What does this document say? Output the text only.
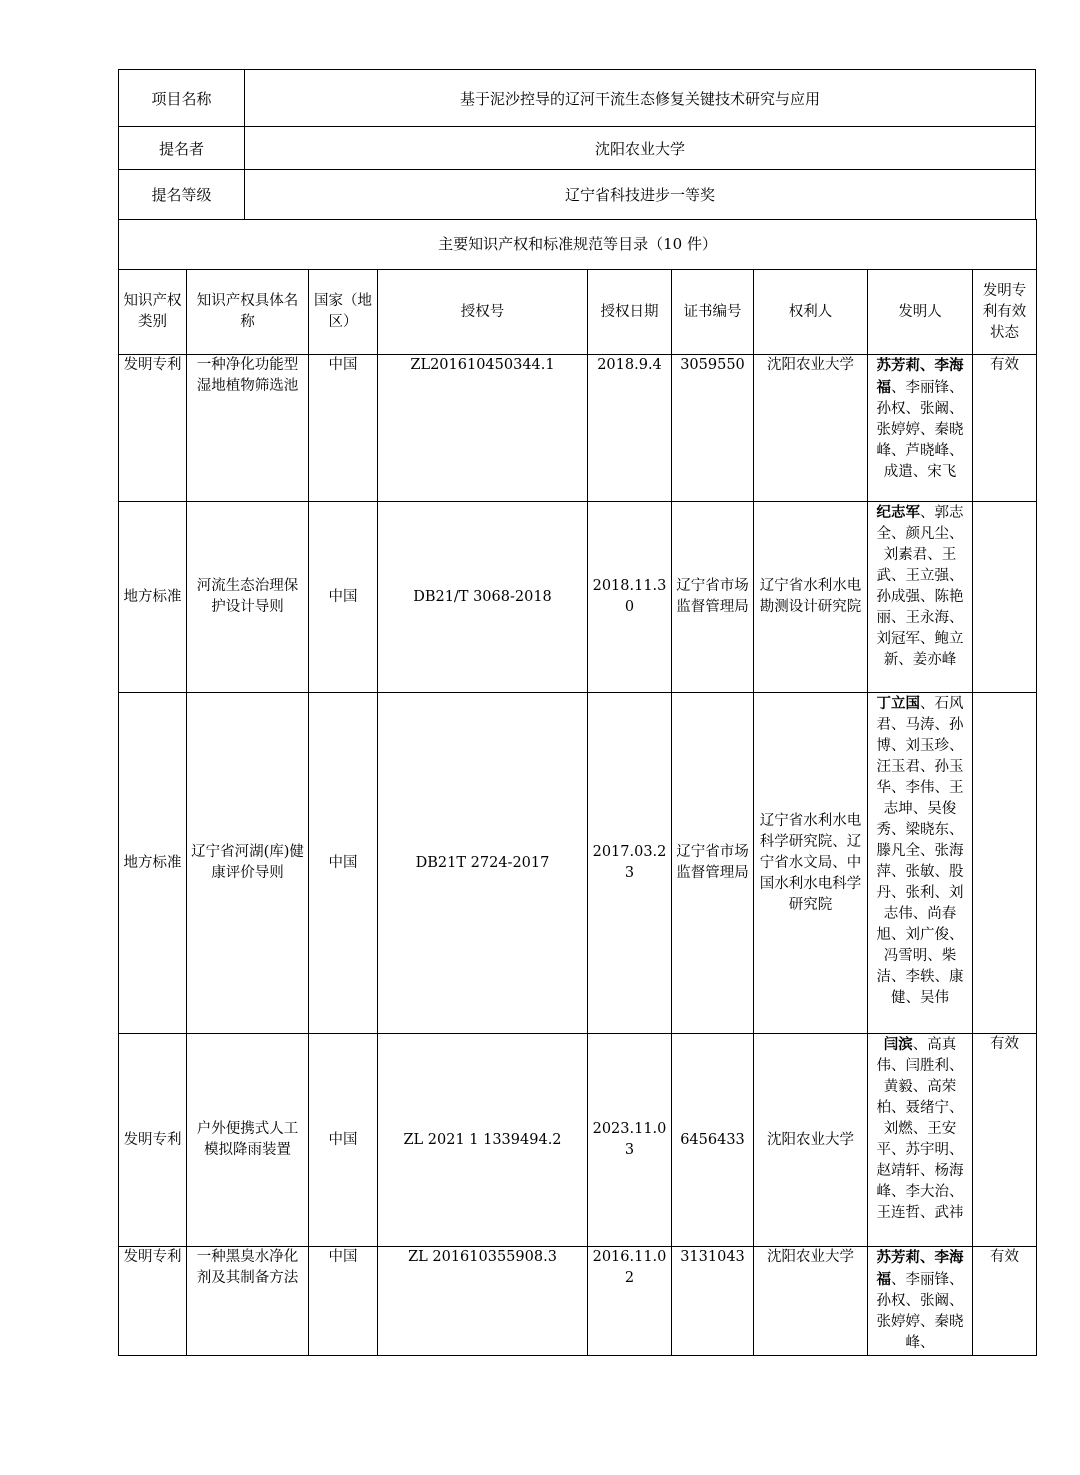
项目名称	基于泥沙控导的辽河干流生态修复关键技术研究与应用
提名者	沈阳农业大学
提名等级	辽宁省科技进步一等奖
主要知识产权和标准规范等目录（10 件）								
知识产权类别	知识产权具体名称	国家（地区）	授权号	授权日期	证书编号	权利人	发明人	发明专利有效状态
发明专利	一种净化功能型湿地植物筛选池	中国	ZL201610450344.1	2018.9.4	3059550	沈阳农业大学	苏芳莉、李海福、李丽锋、孙权、张阚、张婷婷、秦晓峰、芦晓峰、成遣、宋飞	有效
地方标准	河流生态治理保护设计导则	中国	DB21/T 3068-2018	2018.11.30	辽宁省市场监督管理局	辽宁省水利水电勘测设计研究院	纪志军、郭志全、颜凡尘、刘素君、王 武、王立强、孙成强、陈艳丽、王永海、刘冠军、鲍立新、姜亦峰	
地方标准	辽宁省河湖(库)健康评价导则	中国	DB21T 2724-2017	2017.03.23	辽宁省市场监督管理局	辽宁省水利水电科学研究院、辽宁省水文局、中国水利水电科学研究院	丁立国、石风君、马涛、孙博、刘玉珍、汪玉君、孙玉华、李伟、王志坤、吴俊秀、梁晓东、滕凡全、张海萍、张敏、股丹、张利、刘志伟、尚春旭、刘广俊、冯雪明、柴洁、李轶、康健、吴伟	
发明专利	户外便携式人工模拟降雨装置	中国	ZL 2021 1 1339494.2	2023.11.03	6456433	沈阳农业大学	闫滨、高真伟、闫胜利、黄毅、高荣柏、聂绪宁、刘燃、王安平、苏宇明、赵靖轩、杨海峰、李大治、王连哲、武祎	有效
发明专利	一种黑臭水净化剂及其制备方法	中国	ZL 201610355908.3	2016.11.02	3131043	沈阳农业大学	苏芳莉、李海福、李丽锋、孙权、张阚、张婷婷、秦晓峰、	有效
